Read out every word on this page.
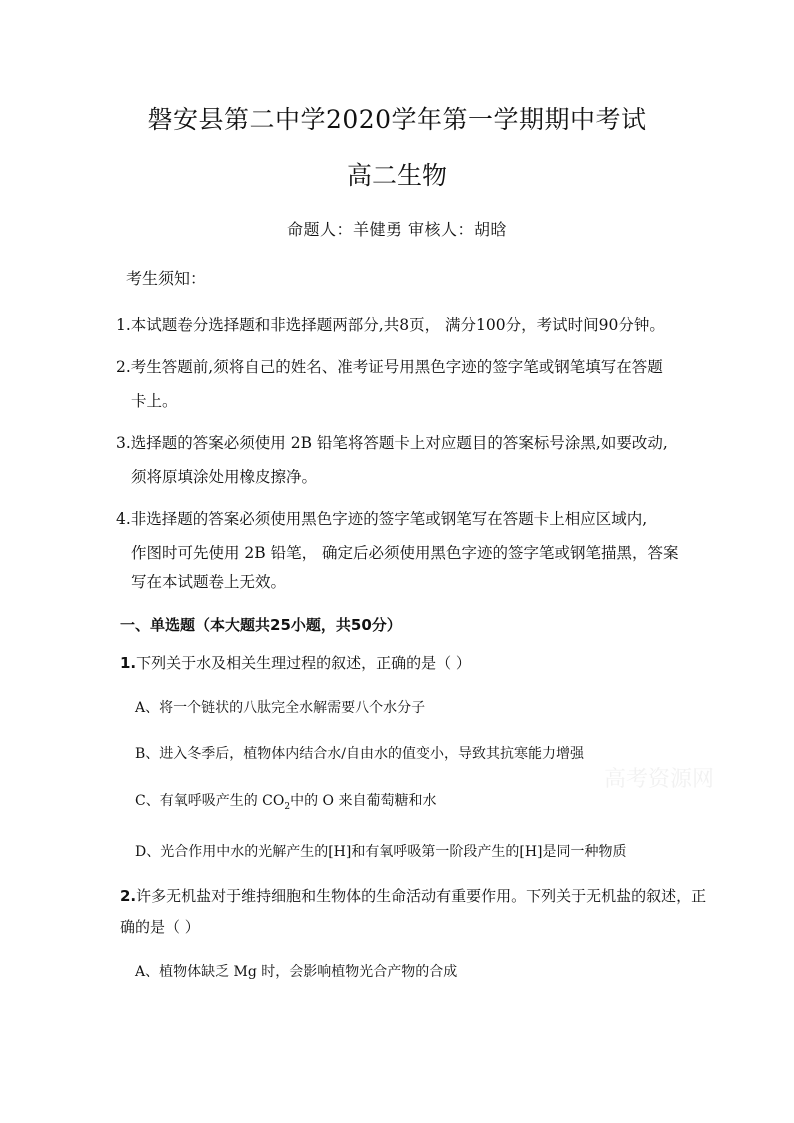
磐安县第二中学2020学年第一学期期中考试
高二生物
命题人：羊健勇 审核人：胡晗
考生须知：
1.本试题卷分选择题和非选择题两部分,共8页， 满分100分，考试时间90分钟。
2.考生答题前,须将自己的姓名、准考证号用黑色字迹的签字笔或钢笔填写在答题
卡上。
3.选择题的答案必须使用 2B 铅笔将答题卡上对应题目的答案标号涂黑,如要改动,
须将原填涂处用橡皮擦净。
4.非选择题的答案必须使用黑色字迹的签字笔或钢笔写在答题卡上相应区域内,
作图时可先使用 2B 铅笔， 确定后必须使用黑色字迹的签字笔或钢笔描黑，答案
写在本试题卷上无效。
一、单选题（本大题共25小题，共50分）
1.下列关于水及相关生理过程的叙述，正确的是（ ）
A、将一个链状的八肽完全水解需要八个水分子
B、进入冬季后，植物体内结合水/自由水的值变小，导致其抗寒能力增强
C、有氧呼吸产生的 $CO_2$中的 O 来自葡萄糖和水
D、光合作用中水的光解产生的[H]和有氧呼吸第一阶段产生的[H]是同一种物质
2.许多无机盐对于维持细胞和生物体的生命活动有重要作用。下列关于无机盐的叙述，正
确的是（ ）
A、植物体缺乏 Mg 时，会影响植物光合产物的合成
高考资源网
